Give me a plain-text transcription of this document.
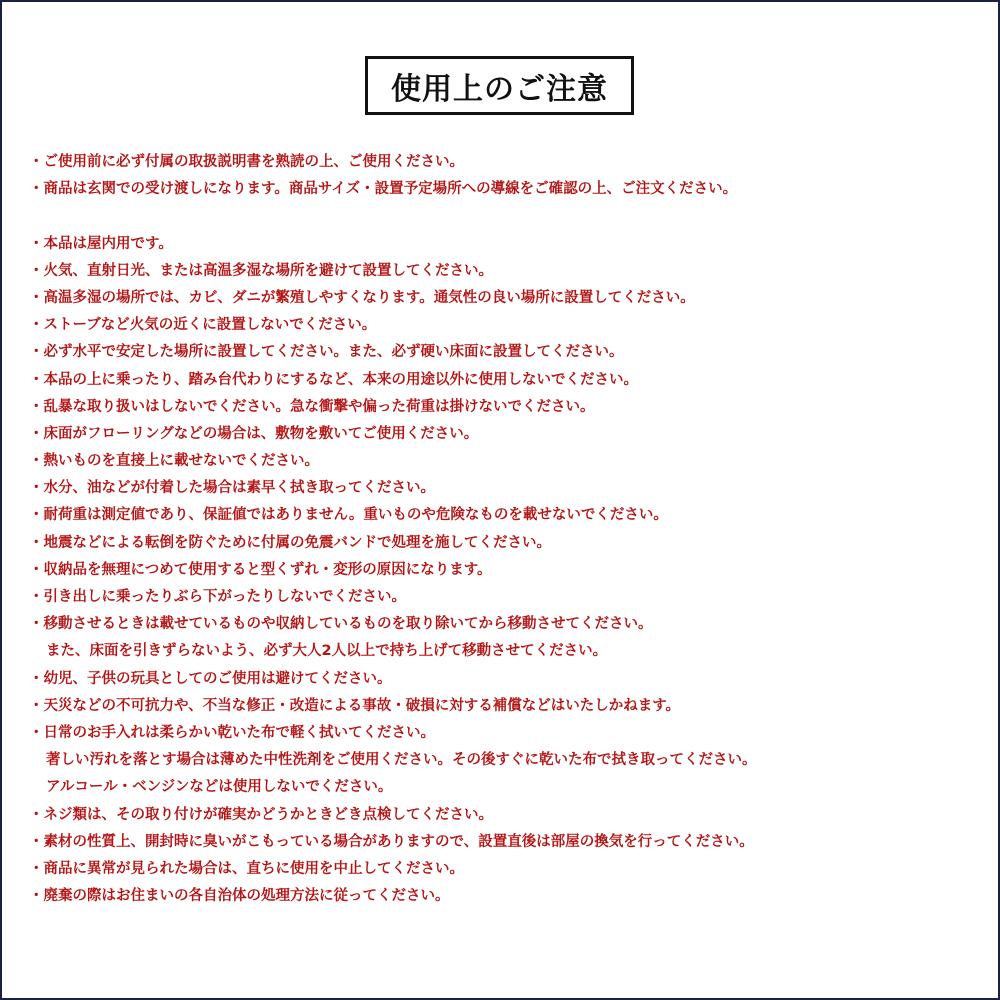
使用上のご注意
・ご使用前に必ず付属の取扱説明書を熟読の上、ご使用ください。
・商品は玄関での受け渡しになります。商品サイズ・設置予定場所への導線をご確認の上、ご注文ください。
・本品は屋内用です。
・火気、直射日光、または高温多湿な場所を避けて設置してください。
・高温多湿の場所では、カビ、ダニが繁殖しやすくなります。通気性の良い場所に設置してください。
・ストーブなど火気の近くに設置しないでください。
・必ず水平で安定した場所に設置してください。また、必ず硬い床面に設置してください。
・本品の上に乗ったり、踏み台代わりにするなど、本来の用途以外に使用しないでください。
・乱暴な取り扱いはしないでください。急な衝撃や偏った荷重は掛けないでください。
・床面がフローリングなどの場合は、敷物を敷いてご使用ください。
・熱いものを直接上に載せないでください。
・水分、油などが付着した場合は素早く拭き取ってください。
・耐荷重は測定値であり、保証値ではありません。重いものや危険なものを載せないでください。
・地震などによる転倒を防ぐために付属の免震バンドで処理を施してください。
・収納品を無理につめて使用すると型くずれ・変形の原因になります。
・引き出しに乗ったりぶら下がったりしないでください。
・移動させるときは載せているものや収納しているものを取り除いてから移動させてください。
また、床面を引きずらないよう、必ず大人2人以上で持ち上げて移動させてください。
・幼児、子供の玩具としてのご使用は避けてください。
・天災などの不可抗力や、不当な修正・改造による事故・破損に対する補償などはいたしかねます。
・日常のお手入れは柔らかい乾いた布で軽く拭いてください。
著しい汚れを落とす場合は薄めた中性洗剤をご使用ください。その後すぐに乾いた布で拭き取ってください。
アルコール・ベンジンなどは使用しないでください。
・ネジ類は、その取り付けが確実かどうかときどき点検してください。
・素材の性質上、開封時に臭いがこもっている場合がありますので、設置直後は部屋の換気を行ってください。
・商品に異常が見られた場合は、直ちに使用を中止してください。
・廃棄の際はお住まいの各自治体の処理方法に従ってください。
